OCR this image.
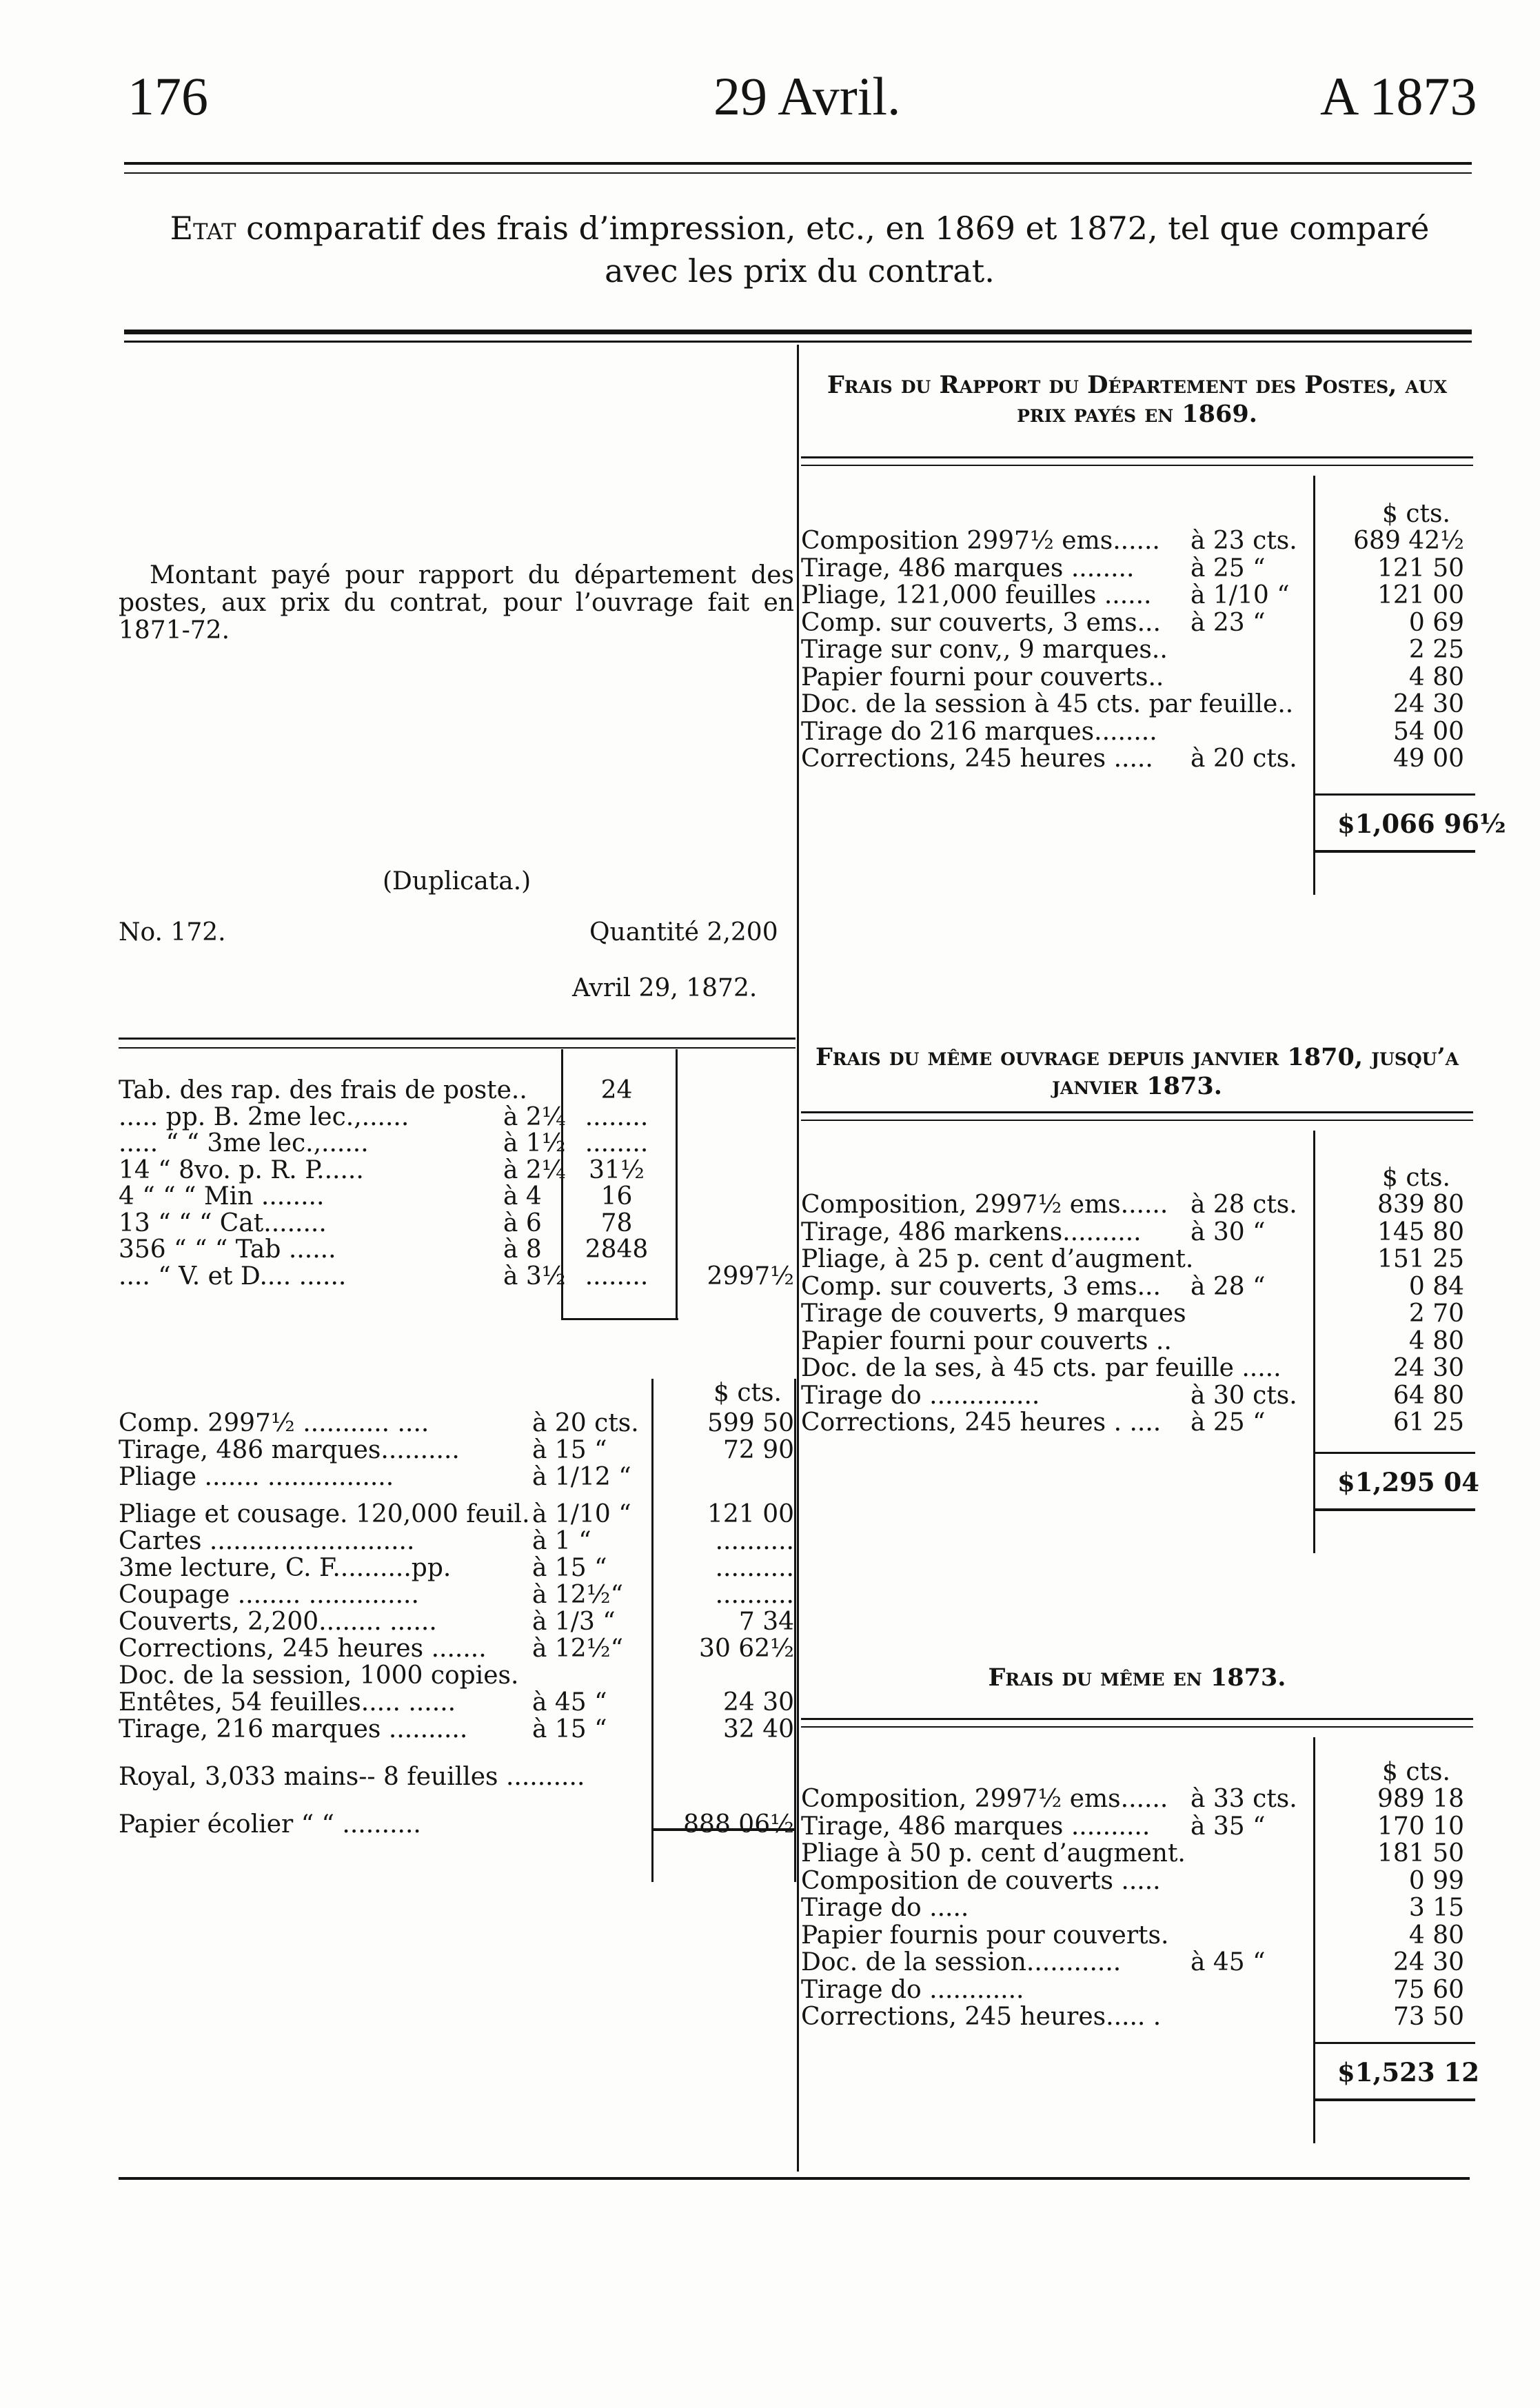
176	29 Avril.	A 1873
Etat comparatif des frais d’impression, etc., en 1869 et 1872, tel que comparé avec les prix du contrat.
Montant payé pour rapport du département des postes, aux prix du contrat, pour l’ouvrage fait en 1871-72.
(Duplicata.)
No. 172.	Quantité 2,200
Avril 29, 1872.
Tab. des rap. des frais de poste..	24
..... pp. B. 2me lec.,......	à 2¼ ........
..... “ “ 3me lec.,......	à 1½ ........
14 “ 8vo. p. R. P......	à 2¼ 31½
4 “ “ “ Min ........	à 4	16
13 “ “ “ Cat........	à 6	78
356 “ “ “ Tab ......	à 8	2848
.... “ V. et D.... ......	à 3½ ........	2997½
$ cts.
Comp. 2997½ ........... ....	à 20 cts.	599 50
Tirage, 486 marques..........	à 15 “	72 90
Pliage ....... ................	à 1/12 “
Pliage et cousage. 120,000 feuil. à 1/10 “	121 00
Cartes ..........................	à 1 “	..........
3me lecture, C. F..........pp.	à 15 “	..........
Coupage ........ ..............	à 12½“	..........
Couverts, 2,200........ ......	à 1/3 “	7 34
Corrections, 245 heures ....... à 12½“	30 62½
Doc. de la session, 1000 copies.
Entêtes, 54 feuilles..... ......	à 45 “	24 30
Tirage, 216 marques ..........	à 15 “	32 40
Royal, 3,033 mains-- 8 feuilles ..........
Papier écolier “ “ ..........	888 06½
Frais du Rapport du Département des Postes, aux prix payés en 1869.
$ cts.
Composition 2997½ ems...... à 23 cts.	689 42½
Tirage, 486 marques ........ à 25 “	121 50
Pliage, 121,000 feuilles ...... à 1/10 “	121 00
Comp. sur couverts, 3 ems... à 23 “	0 69
Tirage sur conv,, 9 marques..	2 25
Papier fourni pour couverts..	4 80
Doc. de la session à 45 cts. par feuille..	24 30
Tirage do 216 marques........	54 00
Corrections, 245 heures ..... à 20 cts.	49 00
$1,066 96½
Frais du même ouvrage depuis janvier 1870, jusqu’a janvier 1873.
$ cts.
Composition, 2997½ ems...... à 28 cts.	839 80
Tirage, 486 markens.......... à 30 “	145 80
Pliage, à 25 p. cent d’augment.	151 25
Comp. sur couverts, 3 ems... à 28 “	0 84
Tirage de couverts, 9 marques	2 70
Papier fourni pour couverts ..	4 80
Doc. de la ses, à 45 cts. par feuille .....	24 30
Tirage do ..............	à 30 cts.	64 80
Corrections, 245 heures . .... à 25 “	61 25
$1,295 04
Frais du même en 1873.
$ cts.
Composition, 2997½ ems...... à 33 cts.	989 18
Tirage, 486 marques .......... à 35 “	170 10
Pliage à 50 p. cent d’augment.	181 50
Composition de couverts .....	0 99
Tirage do .....	3 15
Papier fournis pour couverts.	4 80
Doc. de la session............	à 45 “	24 30
Tirage do ............	75 60
Corrections, 245 heures..... .	73 50
$1,523 12
